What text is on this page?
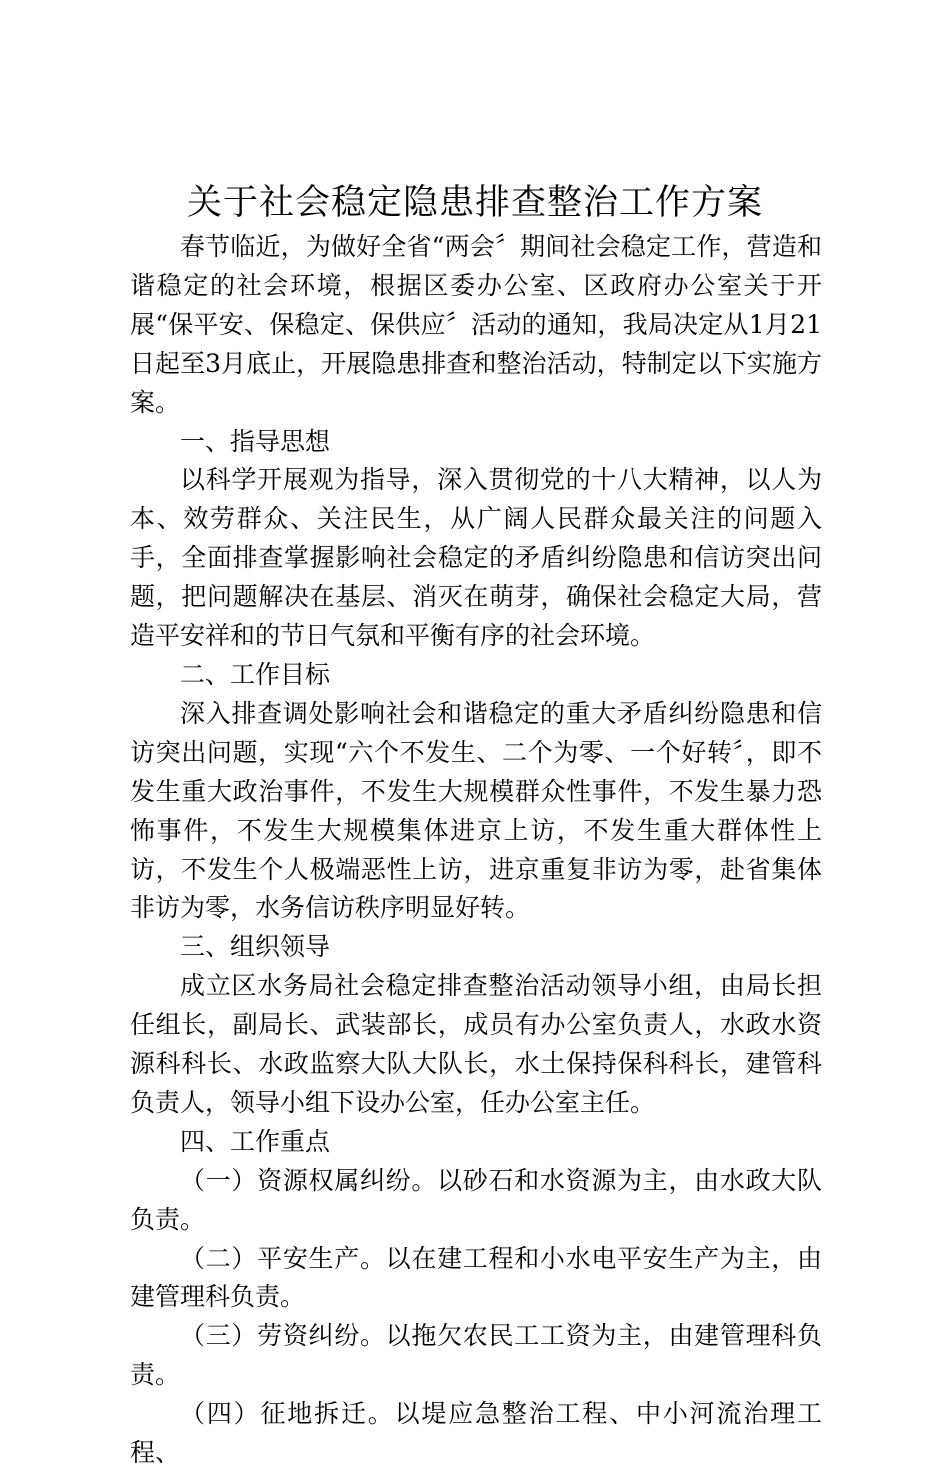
关于社会稳定隐患排查整治工作方案

春节临近，为做好全省“两会〞期间社会稳定工作，营造和谐稳定的社会环境，根据区委办公室、区政府办公室关于开展“保平安、保稳定、保供应〞活动的通知，我局决定从1月21日起至3月底止，开展隐患排查和整治活动，特制定以下实施方案。

一、指导思想

以科学开展观为指导，深入贯彻党的十八大精神，以人为本、效劳群众、关注民生，从广阔人民群众最关注的问题入手，全面排查掌握影响社会稳定的矛盾纠纷隐患和信访突出问题，把问题解决在基层、消灭在萌芽，确保社会稳定大局，营造平安祥和的节日气氛和平衡有序的社会环境。

二、工作目标

深入排查调处影响社会和谐稳定的重大矛盾纠纷隐患和信访突出问题，实现“六个不发生、二个为零、一个好转〞，即不发生重大政治事件，不发生大规模群众性事件，不发生暴力恐怖事件，不发生大规模集体进京上访，不发生重大群体性上访，不发生个人极端恶性上访，进京重复非访为零，赴省集体非访为零，水务信访秩序明显好转。

三、组织领导

成立区水务局社会稳定排查整治活动领导小组，由局长担任组长，副局长、武装部长，成员有办公室负责人，水政水资源科科长、水政监察大队大队长，水土保持保科科长，建管科负责人，领导小组下设办公室，任办公室主任。

四、工作重点

（一）资源权属纠纷。以砂石和水资源为主，由水政大队负责。

（二）平安生产。以在建工程和小水电平安生产为主，由建管理科负责。

（三）劳资纠纷。以拖欠农民工工资为主，由建管理科负责。

（四）征地拆迁。以堤应急整治工程、中小河流治理工程、
